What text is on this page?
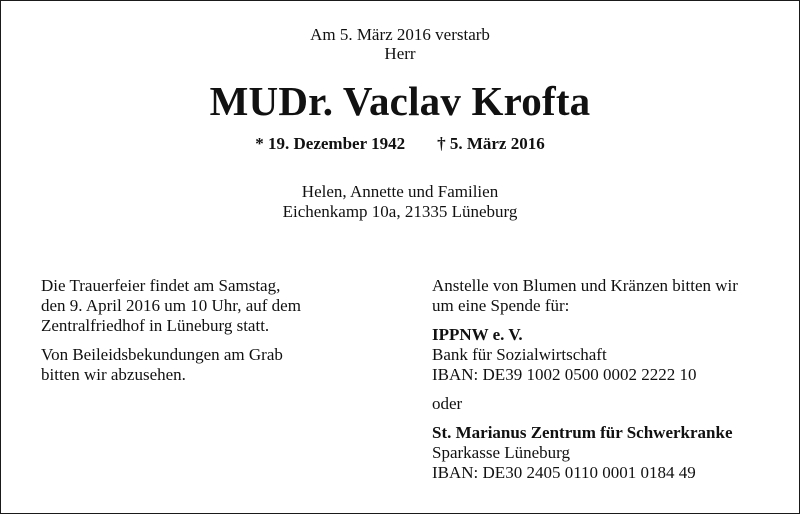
Am 5. März 2016 verstarb
Herr
MUDr. Vaclav Krofta
* 19. Dezember 1942 † 5. März 2016
Helen, Annette und Familien
Eichenkamp 10a, 21335 Lüneburg

Die Trauerfeier findet am Samstag,

den 9. April 2016 um 10 Uhr, auf dem

Zentralfriedhof in Lüneburg statt.

Von Beileidsbekundungen am Grab

bitten wir abzusehen.

Anstelle von Blumen und Kränzen bitten wir

um eine Spende für:

IPPNW e. V.

Bank für Sozialwirtschaft

IBAN: DE39 1002 0500 0002 2222 10

oder

St. Marianus Zentrum für Schwerkranke

Sparkasse Lüneburg

IBAN: DE30 2405 0110 0001 0184 49
